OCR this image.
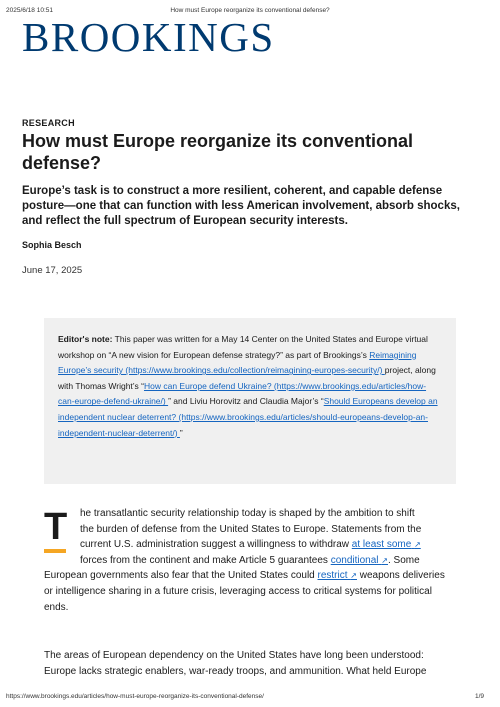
2025/6/18 10:51	How must Europe reorganize its conventional defense?
BROOKINGS
RESEARCH
How must Europe reorganize its conventional defense?

Europe’s task is to construct a more resilient, coherent, and capable defense posture—one that can function with less American involvement, absorb shocks, and reflect the full spectrum of European security interests.

Sophia Besch
June 17, 2025
Editor's note: This paper was written for a May 14 Center on the United States and Europe virtual workshop on “A new vision for European defense strategy?” as part of Brookings’s Reimagining Europe’s security (https://www.brookings.edu/collection/reimagining-europes-security/) project, along with Thomas Wright’s “How can Europe defend Ukraine? (https://www.brookings.edu/articles/how-can-europe-defend-ukraine/) ” and Liviu Horovitz and Claudia Major’s “Should Europeans develop an independent nuclear deterrent? (https://www.brookings.edu/articles/should-europeans-develop-an-independent-nuclear-deterrent/) ”
T	he transatlantic security relationship today is shaped by the ambition to shift
the burden of defense from the United States to Europe. Statements from the
current U.S. administration suggest a willingness to withdraw at least some ↗
forces from the continent and make Article 5 guarantees conditional ↗. Some
European governments also fear that the United States could restrict ↗ weapons deliveries or intelligence sharing in a future crisis, leveraging access to critical systems for political ends.
The areas of European dependency on the United States have long been understood: Europe lacks strategic enablers, war-ready troops, and ammunition. What held Europe
https://www.brookings.edu/articles/how-must-europe-reorganize-its-conventional-defense/	1/9
